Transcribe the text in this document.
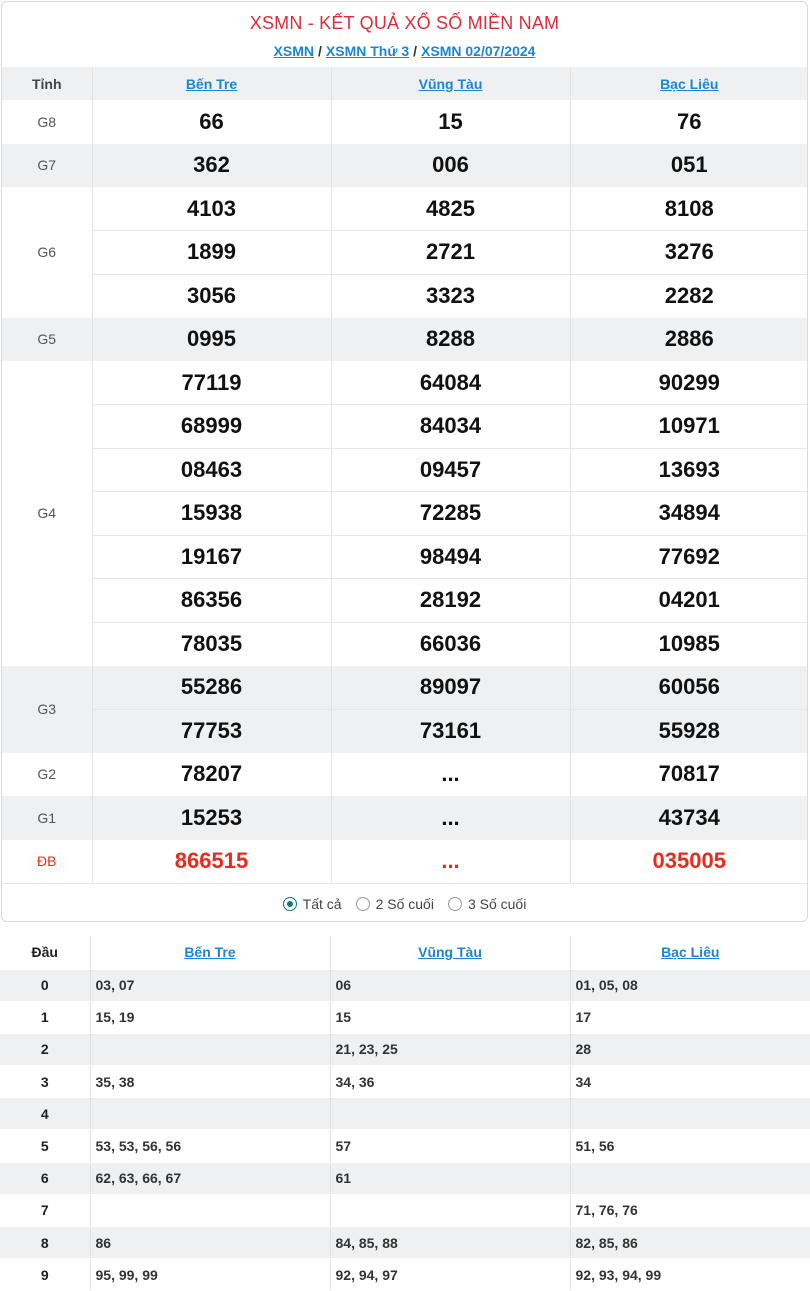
XSMN - KẾT QUẢ XỔ SỐ MIỀN NAM
XSMN / XSMN Thứ 3 / XSMN 02/07/2024
Tỉnh	Bến Tre	Vũng Tàu	Bạc Liêu
G8	66	15	76
G7	362	006	051
G6	4103	4825	8108
	1899	2721	3276
	3056	3323	2282
G5	0995	8288	2886
G4	77119	64084	90299
	68999	84034	10971
	08463	09457	13693
	15938	72285	34894
	19167	98494	77692
	86356	28192	04201
	78035	66036	10985
G3	55286	89097	60056
	77753	73161	55928
G2	78207	...	70817
G1	15253	...	43734
ĐB	866515	...	035005
Tất cả 2 Số cuối 3 Số cuối
Đầu	Bến Tre	Vũng Tàu	Bạc Liêu
0	03, 07	06	01, 05, 08
1	15, 19	15	17
2		21, 23, 25	28
3	35, 38	34, 36	34
4			
5	53, 53, 56, 56	57	51, 56
6	62, 63, 66, 67	61	
7			71, 76, 76
8	86	84, 85, 88	82, 85, 86
9	95, 99, 99	92, 94, 97	92, 93, 94, 99
